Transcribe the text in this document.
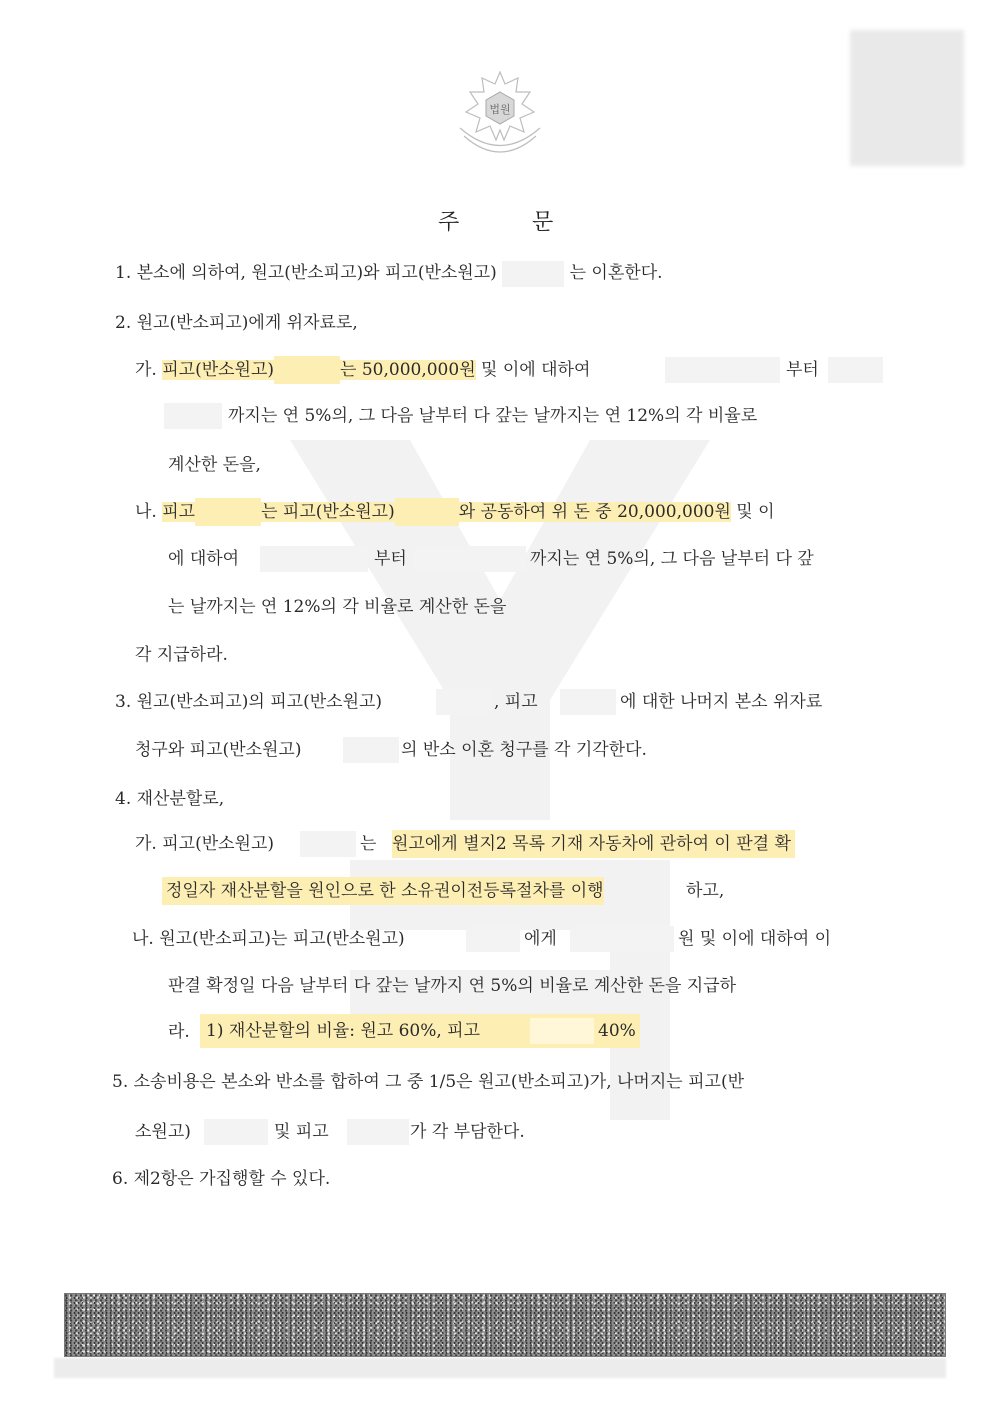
법원
주	문
1. 본소에 의하여, 원고(반소피고)와 피고(반소원고)	는 이혼한다.
2. 원고(반소피고)에게 위자료로,
가. 피고(반소원고)	는 50,000,000원 및 이에 대하여	부터
까지는 연 5%의, 그 다음 날부터 다 갚는 날까지는 연 12%의 각 비율로
계산한 돈을,
나. 피고	는 피고(반소원고)	와 공동하여 위 돈 중 20,000,000원 및 이
에 대하여	부터	까지는 연 5%의, 그 다음 날부터 다 갚
는 날까지는 연 12%의 각 비율로 계산한 돈을
각 지급하라.
3. 원고(반소피고)의 피고(반소원고)	, 피고	에 대한 나머지 본소 위자료
청구와 피고(반소원고)	의 반소 이혼 청구를 각 기각한다.
4. 재산분할로,
가. 피고(반소원고)	는 원고에게 별지2 목록 기재 자동차에 관하여 이 판결 확
정일자 재산분할을 원인으로 한 소유권이전등록절차를 이행	하고,
나. 원고(반소피고)는 피고(반소원고)	에게	원 및 이에 대하여 이
판결 확정일 다음 날부터 다 갚는 날까지 연 5%의 비율로 계산한 돈을 지급하
라. 1) 재산분할의 비율: 원고 60%, 피고	40%
5. 소송비용은 본소와 반소를 합하여 그 중 1/5은 원고(반소피고)가, 나머지는 피고(반
소원고)	및 피고	가 각 부담한다.
6. 제2항은 가집행할 수 있다.
